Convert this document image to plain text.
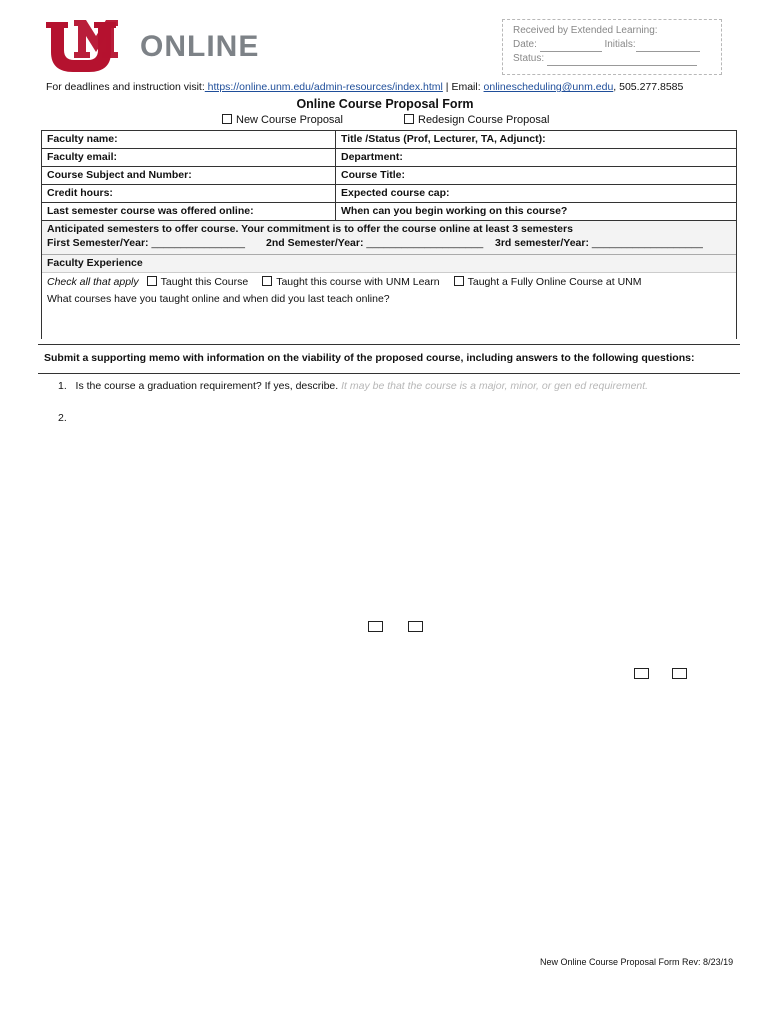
ONLINE	Received by Extended Learning:
Date:	Initials:
Status:
For deadlines and instruction visit: https://online.unm.edu/admin-resources/index.html | Email: onlinescheduling@unm.edu, 505.277.8585
Online Course Proposal Form
New Course Proposal	Redesign Course Proposal
Faculty name:	Title /Status (Prof, Lecturer, TA, Adjunct):
Faculty email:	Department:
Course Subject and Number:	Course Title:
Credit hours:	Expected course cap:
Last semester course was offered online:	When can you begin working on this course?
Anticipated semesters to offer course. Your commitment is to offer the course online at least 3 semesters
First Semester/Year: ________________	2nd Semester/Year: ____________________	3rd semester/Year: ___________________
Faculty Experience
Check all that apply	Taught this Course	Taught this course with UNM Learn	Taught a Fully Online Course at UNM
What courses have you taught online and when did you last teach online?
Submit a supporting memo with information on the viability of the proposed course, including answers to the following questions:
1. Is the course a graduation requirement? If yes, describe. It may be that the course is a major, minor, or gen ed requirement.
2.
New Online Course Proposal Form Rev: 8/23/19
